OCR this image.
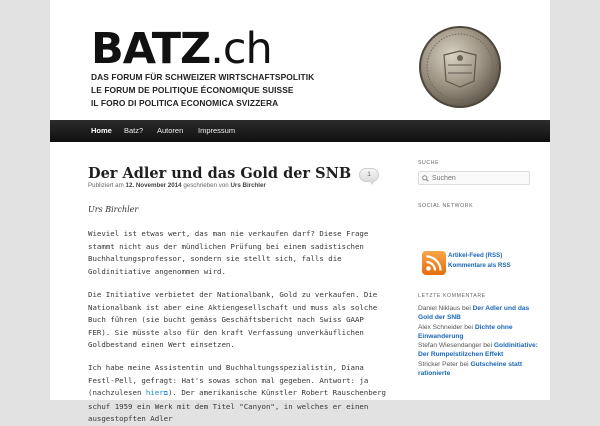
BATZ.ch
DAS FORUM FÜR SCHWEIZER WIRTSCHAFTSPOLITIK
LE FORUM DE POLITIQUE ÉCONOMIQUE SUISSE
IL FORO DI POLITICA ECONOMICA SVIZZERA
Home	Batz?	Autoren	Impressum
Der Adler und das Gold der SNB
Publiziert am 12. November 2014 geschrieben von Urs Birchler
1
Urs Birchler
Wieviel ist etwas wert, das man nie verkaufen darf? Diese Frage stammt nicht aus der mündlichen Prüfung bei einem sadistischen Buchhaltungsprofessor, sondern sie stellt sich, falls die Goldinitiative angenommen wird.
Die Initiative verbietet der Nationalbank, Gold zu verkaufen. Die Nationalbank ist aber eine Aktiengesellschaft und muss als solche Buch führen (sie bucht gemäss Geschäftsbericht nach Swiss GAAP FER). Sie müsste also für den kraft Verfassung unverkäuflichen Goldbestand einen Wert einsetzen.
Ich habe meine Assistentin und Buchhaltungsspezialistin, Diana Festl-Pell, gefragt: Hat's sowas schon mal gegeben. Antwort: ja (nachzulesen hier⧉). Der amerikanische Künstler Robert Rauschenberg schuf 1959 ein Werk mit dem Titel "Canyon", in welches er einen ausgestopften Adler
SUCHE
Suchen
SOCIAL NETWORK
Artikel-Feed (RSS)
Kommentare als RSS
LETZTE KOMMENTARE
Daniel Niklaus bei Der Adler und das Gold der SNB
Alex Schneider bei Dichte ohne Einwanderung
Stefan Wiesendanger bei Goldinitiative: Der Rumpelstilzchen Effekt
Stricker Peter bei Gutscheine statt rationierte
